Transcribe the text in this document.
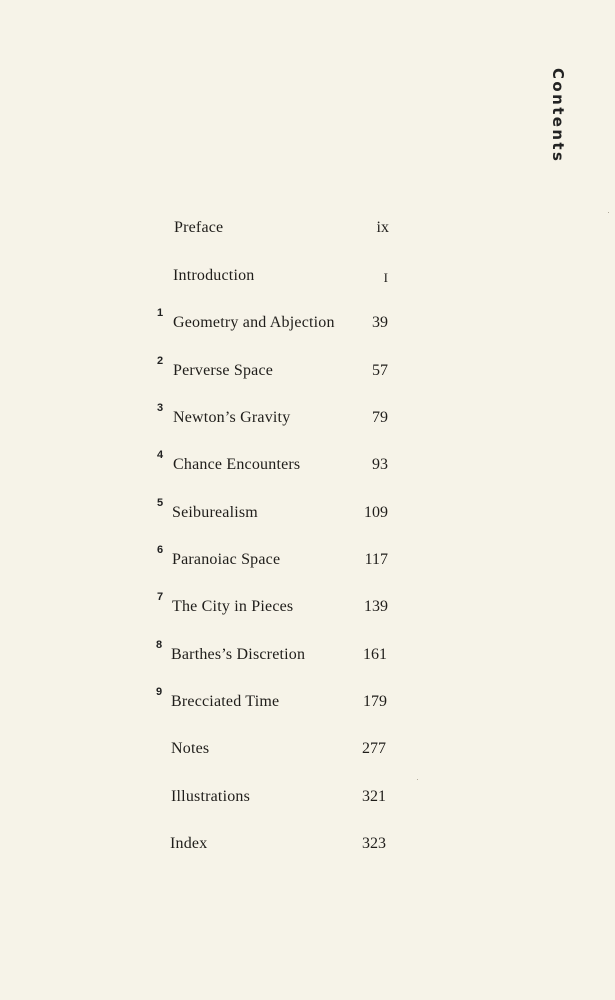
Contents
Preface	ix
Introduction	I
1
Geometry and Abjection	39
2
Perverse Space	57
3
Newton’s Gravity	79
4
Chance Encounters	93
5
Seiburealism	109
6
Paranoiac Space	117
7
The City in Pieces	139
8
Barthes’s Discretion	161
9
Brecciated Time	179
Notes	277
Illustrations	321
Index	323
